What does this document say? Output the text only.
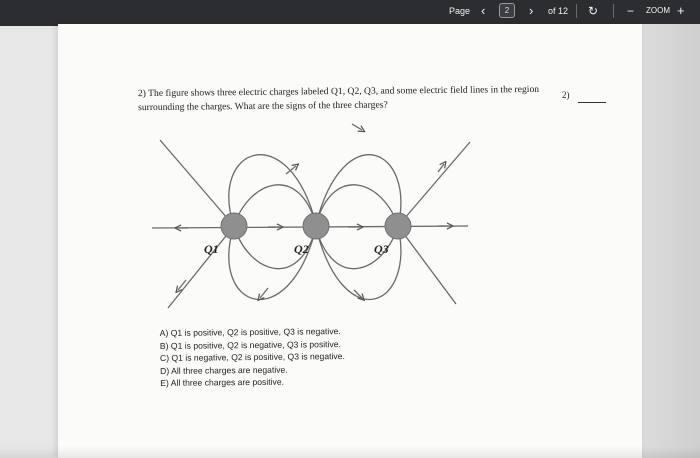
Page ‹	2	› of 12 ↻ − ZOOM +
2) The figure shows three electric charges labeled Q1, Q2, Q3, and some electric field lines in the region surrounding the charges. What are the signs of the three charges?
2)
Q1	Q2	Q3
A) Q1 is positive, Q2 is positive, Q3 is negative.
B) Q1 is positive, Q2 is negative, Q3 is positive.
C) Q1 is negative, Q2 is positive, Q3 is negative.
D) All three charges are negative.
E) All three charges are positive.
